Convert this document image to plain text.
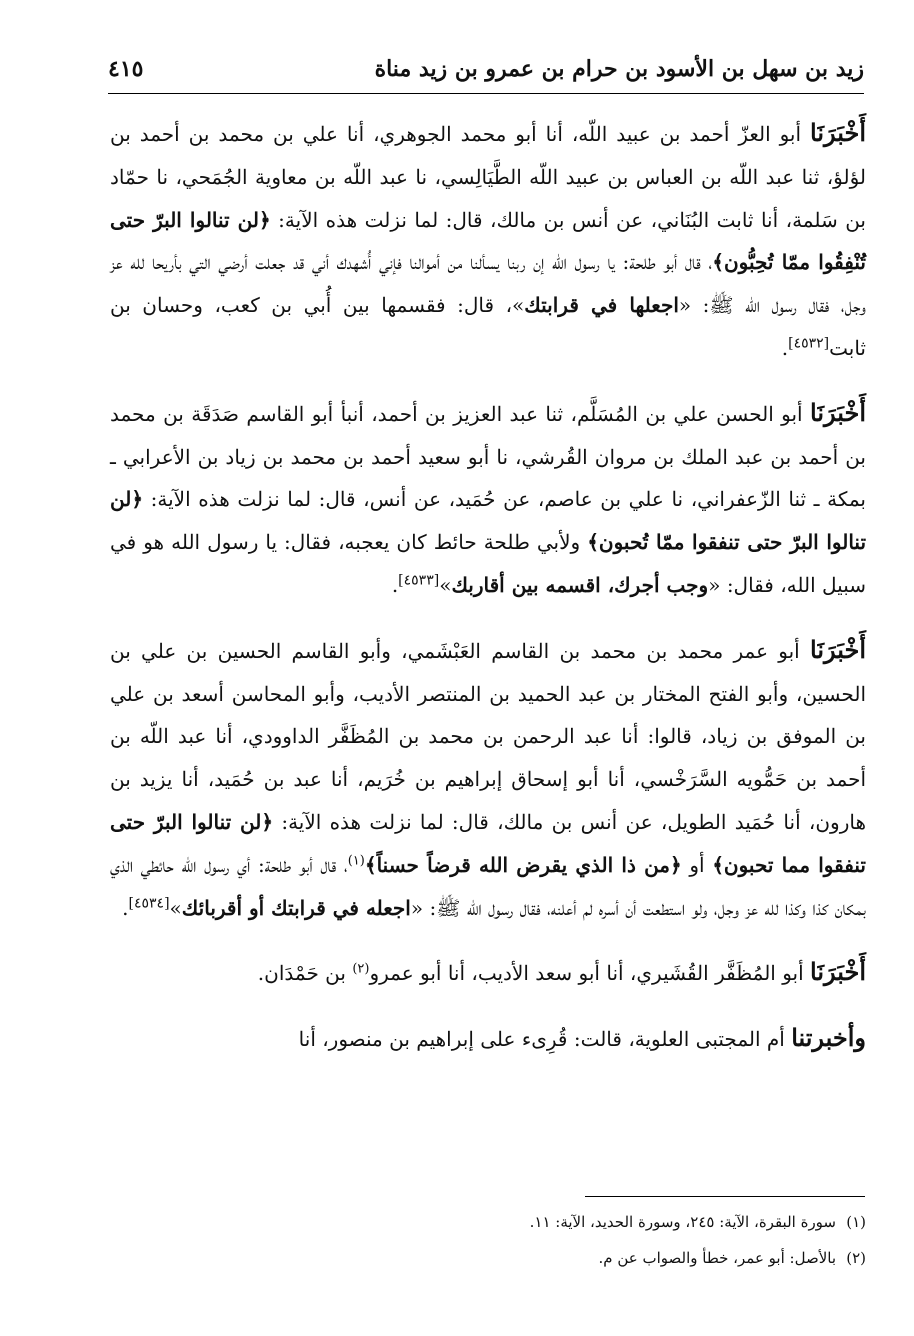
زيد بن سهل بن الأسود بن حرام بن عمرو بن زيد مناة
٤١٥

أَخْبَرَنَا أبو العزّ أحمد بن عبيد اللّه، أنا أبو محمد الجوهري، أنا علي بن محمد بن أحمد بن لؤلؤ، ثنا عبد اللّه بن العباس بن عبيد اللّه الطَّيَالِسي، نا عبد اللّه بن معاوية الجُمَحي، نا حمّاد بن سَلمة، أنا ثابت البُنَاني، عن أنس بن مالك، قال: لما نزلت هذه الآية: ﴿لن تنالوا البرّ حتى تُنْفِقُوا ممّا تُحِبُّون﴾، قال أبو طلحة: يا رسول الله إن ربنا يسألنا من أموالنا فإني أُشهدك أني قد جعلت أرضي التي بأريحا لله عز وجل، فقال رسول الله ﷺ: «اجعلها في قرابتك»، قال: فقسمها بين أُبي بن كعب، وحسان بن ثابت[٤٥٣٢].

أَخْبَرَنَا أبو الحسن علي بن المُسَلَّم، ثنا عبد العزيز بن أحمد، أنبأ أبو القاسم صَدَقَة بن محمد بن أحمد بن عبد الملك بن مروان القُرشي، نا أبو سعيد أحمد بن محمد بن زياد بن الأعرابي ـ بمكة ـ ثنا الزّعفراني، نا علي بن عاصم، عن حُمَيد، عن أنس، قال: لما نزلت هذه الآية: ﴿لن تنالوا البرّ حتى تنفقوا ممّا تُحبون﴾ ولأبي طلحة حائط كان يعجبه، فقال: يا رسول الله هو في سبيل الله، فقال: «وجب أجرك، اقسمه بين أقاربك»[٤٥٣٣].

أَخْبَرَنَا أبو عمر محمد بن محمد بن القاسم العَبْشَمي، وأبو القاسم الحسين بن علي بن الحسين، وأبو الفتح المختار بن عبد الحميد بن المنتصر الأديب، وأبو المحاسن أسعد بن علي بن الموفق بن زياد، قالوا: أنا عبد الرحمن بن محمد بن المُظَفَّر الداوودي، أنا عبد اللّه بن أحمد بن حَمُّويه السَّرَخْسي، أنا أبو إسحاق إبراهيم بن خُرَيم، أنا عبد بن حُمَيد، أنا يزيد بن هارون، أنا حُمَيد الطويل، عن أنس بن مالك، قال: لما نزلت هذه الآية: ﴿لن تنالوا البرّ حتى تنفقوا مما تحبون﴾ أو ﴿من ذا الذي يقرض الله قرضاً حسناً﴾$^{(١)}$، قال أبو طلحة: أي رسول الله حائطي الذي بمكان كذا وكذا لله عز وجل، ولو استطعت أن أسره لم أعلنه، فقال رسول الله ﷺ: «اجعله في قرابتك أو أقربائك»[٤٥٣٤].

أَخْبَرَنَا أبو المُظَفَّر القُشَيري، أنا أبو سعد الأديب، أنا أبو عمرو$^{(٢)}$ بن حَمْدَان.

وأخبرتنا أم المجتبى العلوية، قالت: قُرِىء على إبراهيم بن منصور، أنا

(١)سورة البقرة، الآية: ٢٤٥، وسورة الحديد، الآية: ١١.

(٢)بالأصل: أبو عمر، خطأ والصواب عن م.
